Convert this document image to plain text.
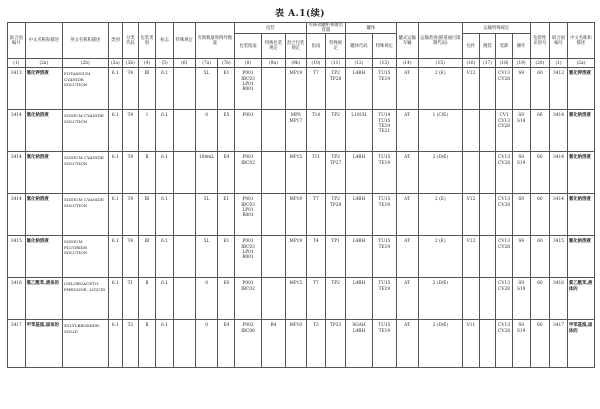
表 A.1(续)
联合国编号	中文名称和描述	英文名称和描述	类别	分类代码	包装类别	标志	特殊规定	有限数量和例外数量		包装			可移动罐柜和散装容器		罐体		罐式运输车辆	运输类别(隧道通行限制代码)	运输特殊规定				危险性识别号	联合国编号	中文名称和描述
										包装指南	特殊包装规定	混合包装规定	指南	特殊规定	罐体代码	特殊规定			包件	散装	装卸	操作			
(1)	(2a)	(2b)	(3a)	(3b)	(4)	(5)	(6)	(7a)	(7b)	(8)	(9a)	(9b)	(10)	(11)	(12)	(13)	(14)	(15)	(16)	(17)	(18)	(19)	(20)	(1)	(2a)
3413	氰化钾溶液	POTASSIUM CYANIDE SOLUTION	6.1	T4	Ⅲ	6.1		5L	E1	P001 IBC03 LP01 R001		MP19	T7	TP2 TP28	L4BH	TU15 TE19	AT	2 (E)	V12		CV13 CV28	S9	60	3413	氰化钾溶液
3414	氰化钠溶液	SODIUM CYANIDE SOLUTION	6.1	T4	Ⅰ	6.1		0	E5	P001		MP8 MP17	T14	TP2	L10CH	TU14 TU15 TE19 TE21	AT	1 (C/E)			CV1 CV13 CV28	S9 S14	66	3414	氰化钠溶液
3414	氰化钠溶液	SODIUM CYANIDE SOLUTION	6.1	T4	Ⅱ	6.1		100mL	E4	P001 IBC02		MP15	T11	TP2 TP27	L4BH	TU15 TE19	AT	2 (D/E)			CV13 CV28	S9 S19	60	3414	氰化钠溶液
3414	氰化钠溶液	SODIUM CYANIDE SOLUTION	6.1	T4	Ⅲ	6.1		5L	E1	P001 IBC03 LP01 R001		MP19	T7	TP2 TP28	L4BH	TU15 TE19	AT	2 (E)	V12		CV13 CV28	S9	60	3414	氰化钠溶液
3415	氟化钠溶液	SODIUM FLUORIDE SOLUTION	6.1	T4	Ⅲ	6.1		5L	E1	P001 IBC03 LP01 R001		MP19	T4	TP1	L4BH	TU15 TE19	AT	2 (E)	V12		CV13 CV28	S9	60	3415	氟化钠溶液
3416	氯乙酰苯,液体的	CHLOROACETO PHENONE, LIQUID	6.1	T1	Ⅱ	6.1		0	E0	P001 IBC02		MP15	T7	TP2	L4BH	TU15 TE19	AT	2 (D/E)			CV13 CV28	S9 S19	60	3416	氯乙酰苯,液体的
3417	甲苯基溴,固体的	XYLYLBROMIDE, SOLID	6.1	T2	Ⅱ	6.1		0	E4	P002 IBC08	B4	MP10	T3	TP33	SGAH L4BH	TU15 TE19	AT	2 (D/E)	V11		CV13 CV28	S9 S19	60	3417	甲苯基溴,固体的
